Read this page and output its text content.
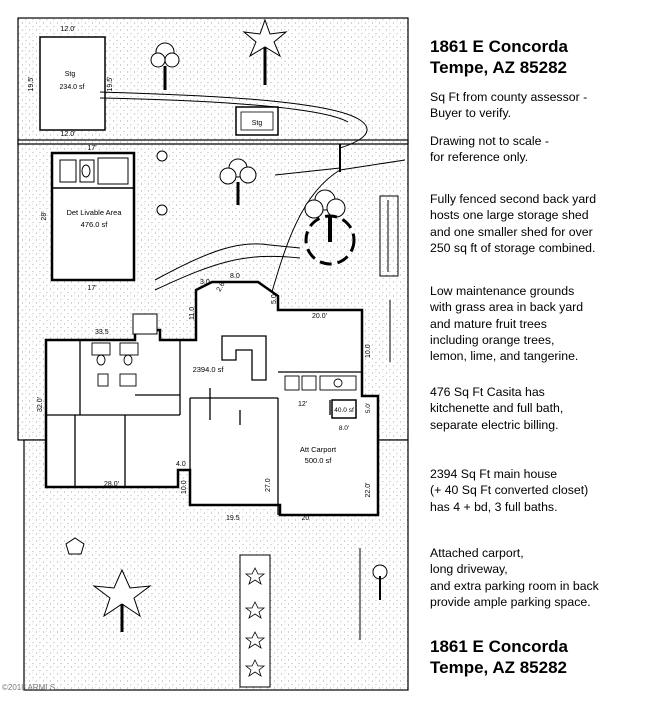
Stg
234.0 sf
12.0'
12.0'
19.5'	19.5'
Stg
Det Livable Area
476.0 sf
17'
17'
28'
40.0 sf
8.0'
5.0'
2394.0 sf
Att Carport
500.0 sf
22.0'
20'
3.0
8.0
2.6
5.0
11.0	20.0'
33.5
10.0
12'
32.0'
28.0'
4.0
10.0	27.0
19.5
©2018 ARMLS
1861 E Concorda
Tempe, AZ 85282
Sq Ft from county assessor -
Buyer to verify.
Drawing not to scale -
for reference only.
Fully fenced second back yard
hosts one large storage shed
and one smaller shed for over
250 sq ft of storage combined.
Low maintenance grounds
with grass area in back yard
and mature fruit trees
including orange trees,
lemon, lime, and tangerine.
476 Sq Ft Casita has
kitchenette and full bath,
separate electric billing.
2394 Sq Ft main house
(+ 40 Sq Ft converted closet)
has 4 + bd, 3 full baths.
Attached carport,
long driveway,
and extra parking room in back
provide ample parking space.
1861 E Concorda
Tempe, AZ 85282
